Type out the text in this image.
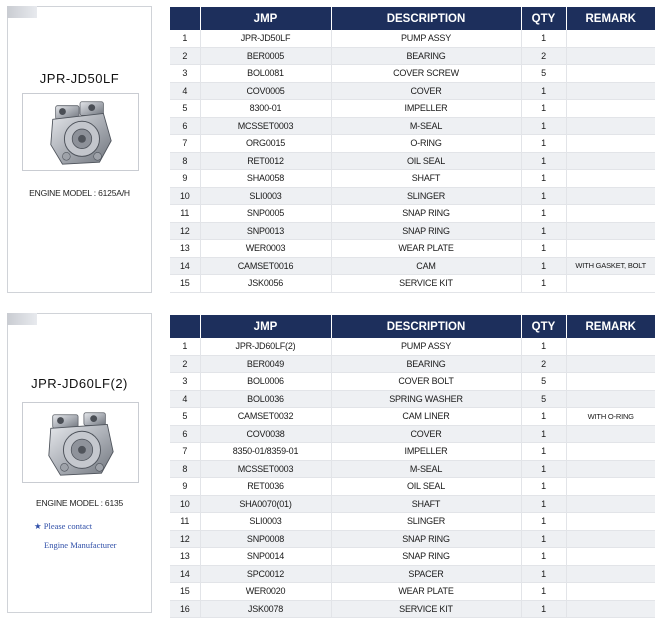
JPR-JD50LF
ENGINE MODEL : 6125A/H
	JMP	DESCRIPTION	QTY	REMARK
1	JPR-JD50LF	PUMP ASSY	1	
2	BER0005	BEARING	2	
3	BOL0081	COVER SCREW	5	
4	COV0005	COVER	1	
5	8300-01	IMPELLER	1	
6	MCSSET0003	M-SEAL	1	
7	ORG0015	O-RING	1	
8	RET0012	OIL SEAL	1	
9	SHA0058	SHAFT	1	
10	SLI0003	SLINGER	1	
11	SNP0005	SNAP RING	1	
12	SNP0013	SNAP RING	1	
13	WER0003	WEAR PLATE	1	
14	CAMSET0016	CAM	1	WITH GASKET, BOLT
15	JSK0056	SERVICE KIT	1	
JPR-JD60LF(2)
ENGINE MODEL : 6135
★ Please contact
Engine Manufacturer
	JMP	DESCRIPTION	QTY	REMARK
1	JPR-JD60LF(2)	PUMP ASSY	1	
2	BER0049	BEARING	2	
3	BOL0006	COVER BOLT	5	
4	BOL0036	SPRING WASHER	5	
5	CAMSET0032	CAM LINER	1	WITH O-RING
6	COV0038	COVER	1	
7	8350-01/8359-01	IMPELLER	1	
8	MCSSET0003	M-SEAL	1	
9	RET0036	OIL SEAL	1	
10	SHA0070(01)	SHAFT	1	
11	SLI0003	SLINGER	1	
12	SNP0008	SNAP RING	1	
13	SNP0014	SNAP RING	1	
14	SPC0012	SPACER	1	
15	WER0020	WEAR PLATE	1	
16	JSK0078	SERVICE KIT	1	
